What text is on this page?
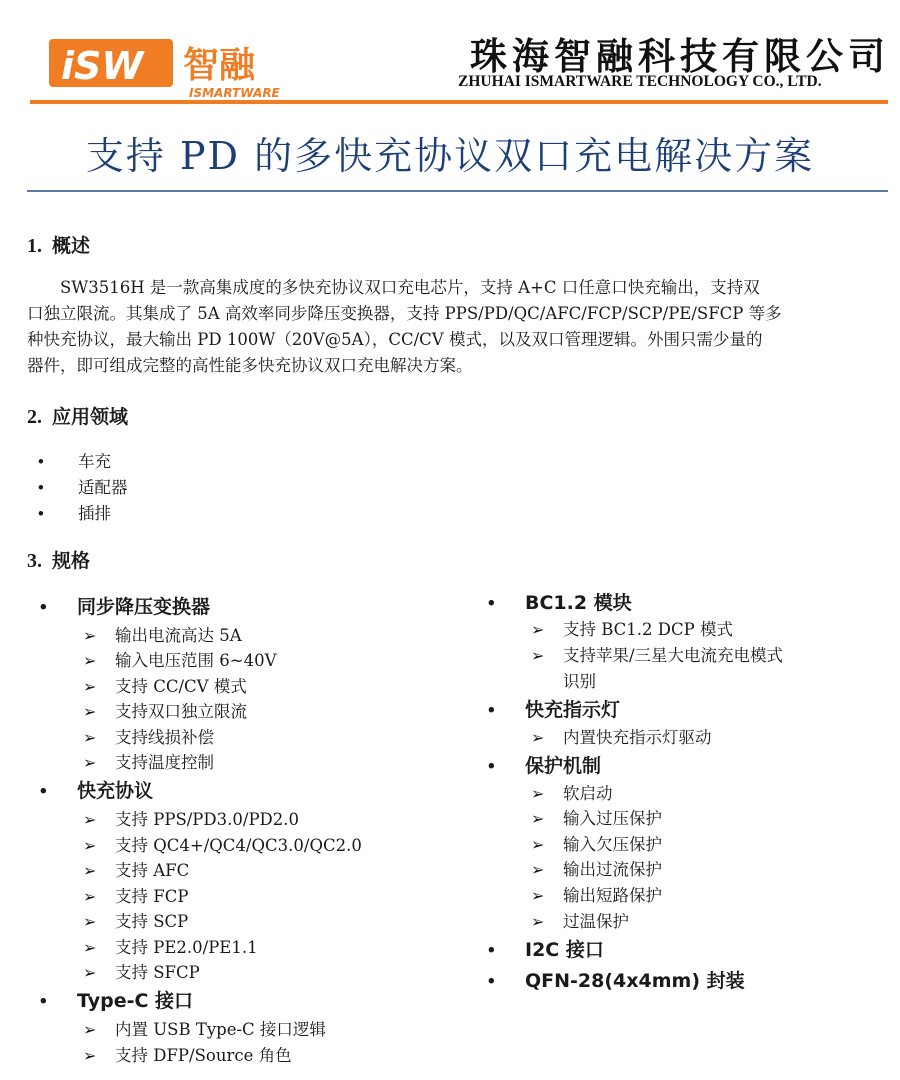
iSW 智融
ISMARTWARE
珠海智融科技有限公司
ZHUHAI ISMARTWARE TECHNOLOGY CO., LTD.
支持 PD 的多快充协议双口充电解决方案
1. 概述
　　SW3516H 是一款高集成度的多快充协议双口充电芯片，支持 A+C 口任意口快充输出，支持双
口独立限流。其集成了 5A 高效率同步降压变换器，支持 PPS/PD/QC/AFC/FCP/SCP/PE/SFCP 等多
种快充协议，最大输出 PD 100W（20V@5A），CC/CV 模式，以及双口管理逻辑。外围只需少量的
器件，即可组成完整的高性能多快充协议双口充电解决方案。
2. 应用领域
• 车充
• 适配器
• 插排
3. 规格
• 同步降压变换器
➢ 输出电流高达 5A
➢ 输入电压范围 6~40V
➢ 支持 CC/CV 模式
➢ 支持双口独立限流
➢ 支持线损补偿
➢ 支持温度控制
• 快充协议
➢ 支持 PPS/PD3.0/PD2.0
➢ 支持 QC4+/QC4/QC3.0/QC2.0
➢ 支持 AFC
➢ 支持 FCP
➢ 支持 SCP
➢ 支持 PE2.0/PE1.1
➢ 支持 SFCP
• Type-C 接口
➢ 内置 USB Type-C 接口逻辑
➢ 支持 DFP/Source 角色
• BC1.2 模块
➢ 支持 BC1.2 DCP 模式
➢ 支持苹果/三星大电流充电模式
识别
• 快充指示灯
➢ 内置快充指示灯驱动
• 保护机制
➢ 软启动
➢ 输入过压保护
➢ 输入欠压保护
➢ 输出过流保护
➢ 输出短路保护
➢ 过温保护
• I2C 接口
• QFN-28(4x4mm) 封装
